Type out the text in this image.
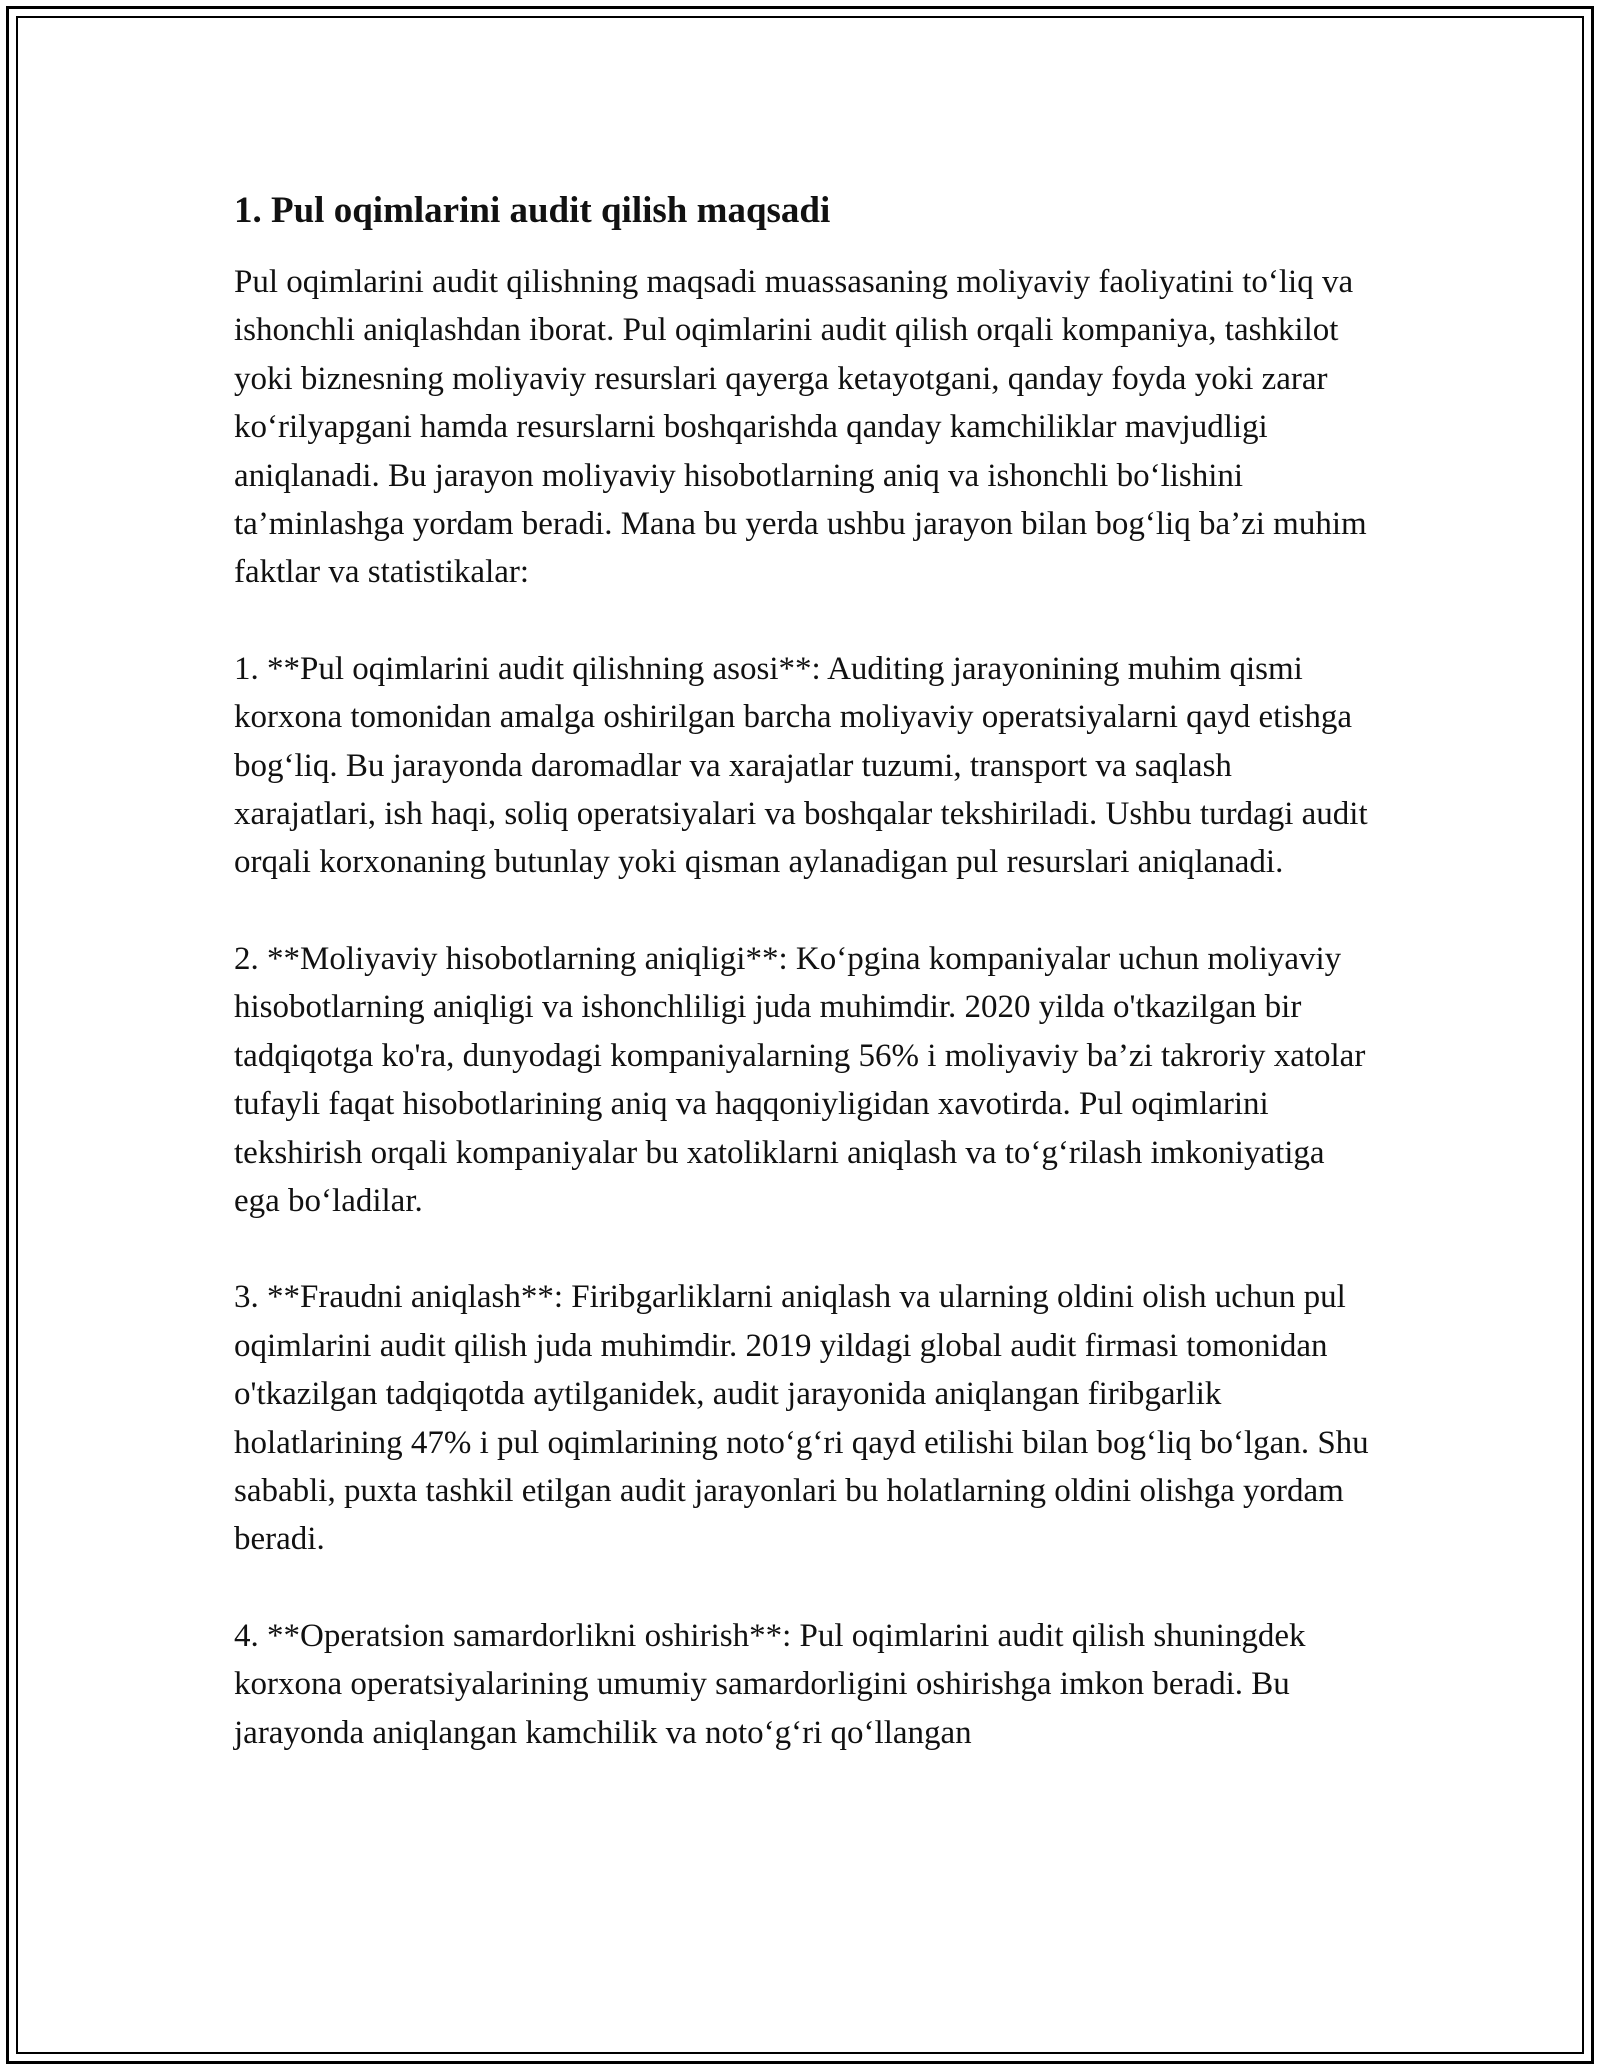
1. Pul oqimlarini audit qilish maqsadi

Pul oqimlarini audit qilishning maqsadi muassasaning moliyaviy faoliyatini to‘liq va ishonchli aniqlashdan iborat. Pul oqimlarini audit qilish orqali kompaniya, tashkilot yoki biznesning moliyaviy resurslari qayerga ketayotgani, qanday foyda yoki zarar ko‘rilyapgani hamda resurslarni boshqarishda qanday kamchiliklar mavjudligi aniqlanadi. Bu jarayon moliyaviy hisobotlarning aniq va ishonchli bo‘lishini ta’minlashga yordam beradi. Mana bu yerda ushbu jarayon bilan bog‘liq ba’zi muhim faktlar va statistikalar:

1. **Pul oqimlarini audit qilishning asosi**: Auditing jarayonining muhim qismi korxona tomonidan amalga oshirilgan barcha moliyaviy operatsiyalarni qayd etishga bog‘liq. Bu jarayonda daromadlar va xarajatlar tuzumi, transport va saqlash xarajatlari, ish haqi, soliq operatsiyalari va boshqalar tekshiriladi. Ushbu turdagi audit orqali korxonaning butunlay yoki qisman aylanadigan pul resurslari aniqlanadi.

2. **Moliyaviy hisobotlarning aniqligi**: Ko‘pgina kompaniyalar uchun moliyaviy hisobotlarning aniqligi va ishonchliligi juda muhimdir. 2020 yilda o'tkazilgan bir tadqiqotga ko'ra, dunyodagi kompaniyalarning 56% i moliyaviy ba’zi takroriy xatolar tufayli faqat hisobotlarining aniq va haqqoniyligidan xavotirda. Pul oqimlarini tekshirish orqali kompaniyalar bu xatoliklarni aniqlash va to‘g‘rilash imkoniyatiga ega bo‘ladilar.

3. **Fraudni aniqlash**: Firibgarliklarni aniqlash va ularning oldini olish uchun pul oqimlarini audit qilish juda muhimdir. 2019 yildagi global audit firmasi tomonidan o'tkazilgan tadqiqotda aytilganidek, audit jarayonida aniqlangan firibgarlik holatlarining 47% i pul oqimlarining noto‘g‘ri qayd etilishi bilan bog‘liq bo‘lgan. Shu sababli, puxta tashkil etilgan audit jarayonlari bu holatlarning oldini olishga yordam beradi.

4. **Operatsion samardorlikni oshirish**: Pul oqimlarini audit qilish shuningdek korxona operatsiyalarining umumiy samardorligini oshirishga imkon beradi. Bu jarayonda aniqlangan kamchilik va noto‘g‘ri qo‘llangan
